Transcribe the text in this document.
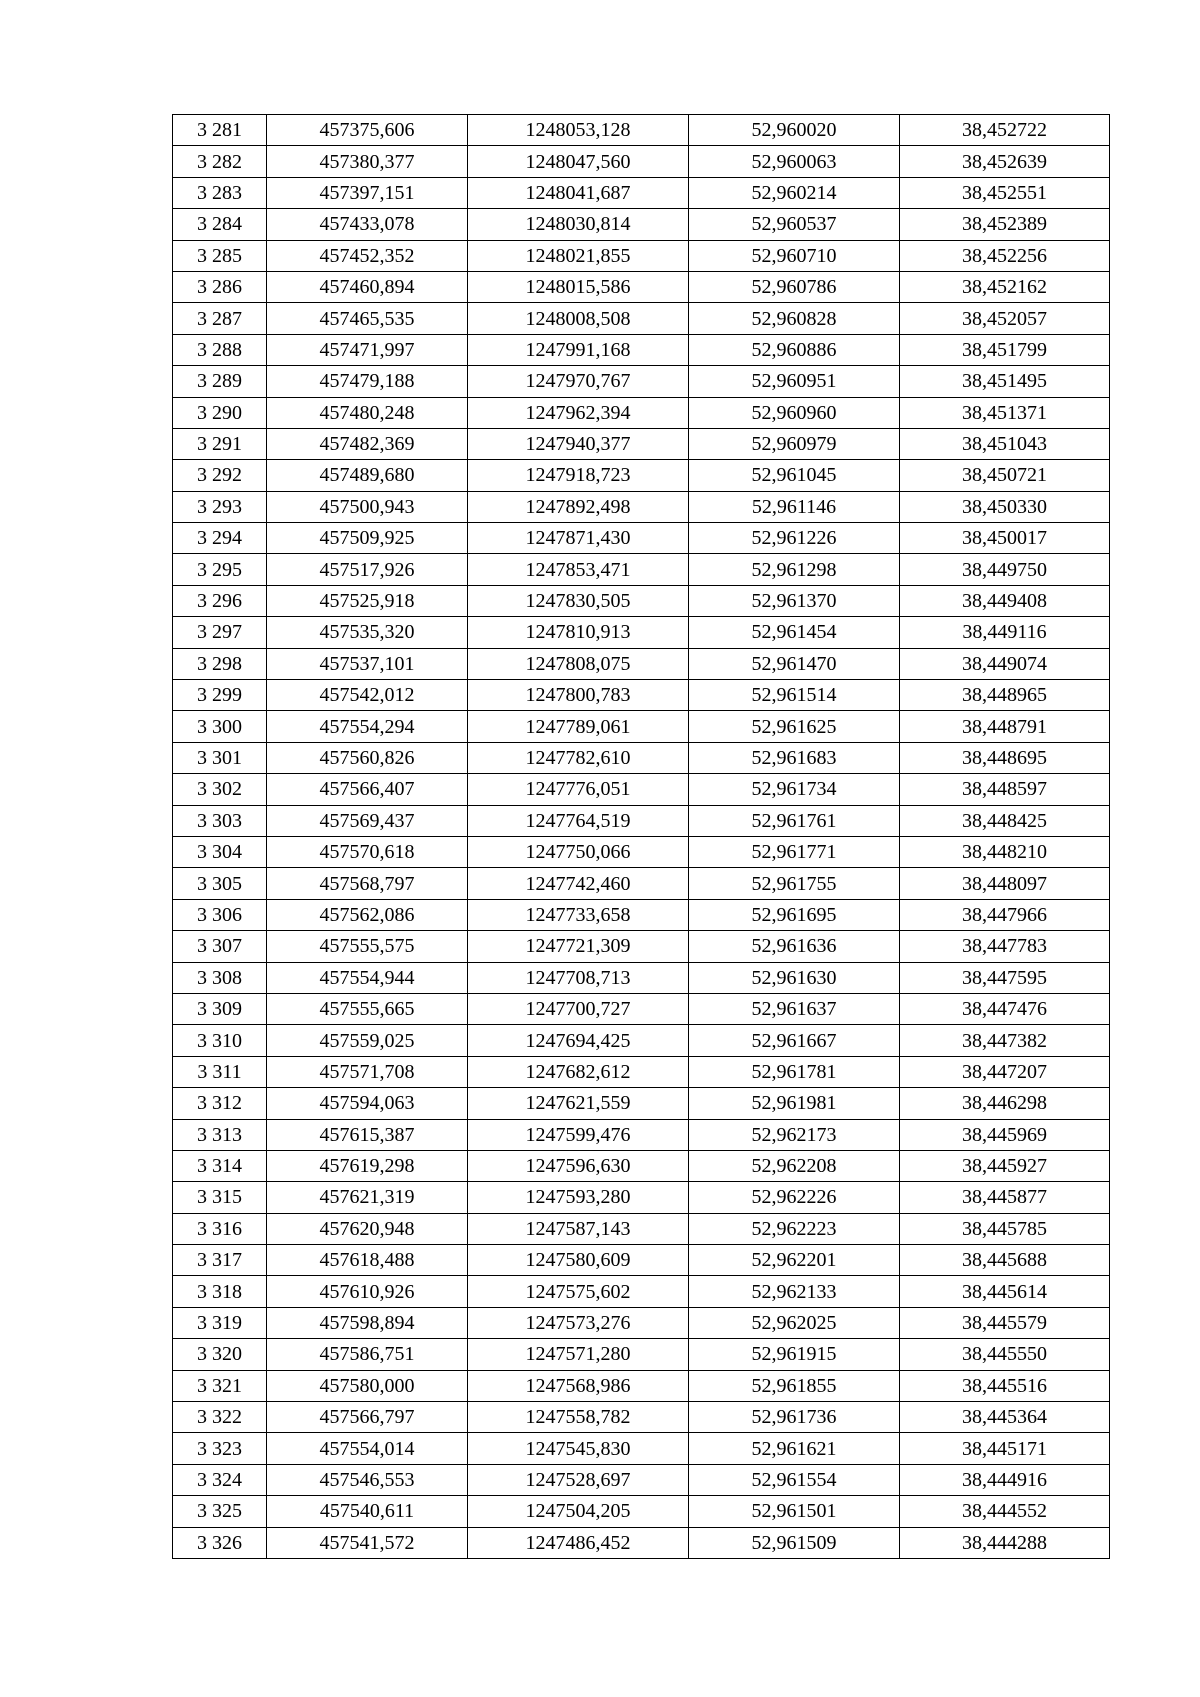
3 281	457375,606	1248053,128	52,960020	38,452722
3 282	457380,377	1248047,560	52,960063	38,452639
3 283	457397,151	1248041,687	52,960214	38,452551
3 284	457433,078	1248030,814	52,960537	38,452389
3 285	457452,352	1248021,855	52,960710	38,452256
3 286	457460,894	1248015,586	52,960786	38,452162
3 287	457465,535	1248008,508	52,960828	38,452057
3 288	457471,997	1247991,168	52,960886	38,451799
3 289	457479,188	1247970,767	52,960951	38,451495
3 290	457480,248	1247962,394	52,960960	38,451371
3 291	457482,369	1247940,377	52,960979	38,451043
3 292	457489,680	1247918,723	52,961045	38,450721
3 293	457500,943	1247892,498	52,961146	38,450330
3 294	457509,925	1247871,430	52,961226	38,450017
3 295	457517,926	1247853,471	52,961298	38,449750
3 296	457525,918	1247830,505	52,961370	38,449408
3 297	457535,320	1247810,913	52,961454	38,449116
3 298	457537,101	1247808,075	52,961470	38,449074
3 299	457542,012	1247800,783	52,961514	38,448965
3 300	457554,294	1247789,061	52,961625	38,448791
3 301	457560,826	1247782,610	52,961683	38,448695
3 302	457566,407	1247776,051	52,961734	38,448597
3 303	457569,437	1247764,519	52,961761	38,448425
3 304	457570,618	1247750,066	52,961771	38,448210
3 305	457568,797	1247742,460	52,961755	38,448097
3 306	457562,086	1247733,658	52,961695	38,447966
3 307	457555,575	1247721,309	52,961636	38,447783
3 308	457554,944	1247708,713	52,961630	38,447595
3 309	457555,665	1247700,727	52,961637	38,447476
3 310	457559,025	1247694,425	52,961667	38,447382
3 311	457571,708	1247682,612	52,961781	38,447207
3 312	457594,063	1247621,559	52,961981	38,446298
3 313	457615,387	1247599,476	52,962173	38,445969
3 314	457619,298	1247596,630	52,962208	38,445927
3 315	457621,319	1247593,280	52,962226	38,445877
3 316	457620,948	1247587,143	52,962223	38,445785
3 317	457618,488	1247580,609	52,962201	38,445688
3 318	457610,926	1247575,602	52,962133	38,445614
3 319	457598,894	1247573,276	52,962025	38,445579
3 320	457586,751	1247571,280	52,961915	38,445550
3 321	457580,000	1247568,986	52,961855	38,445516
3 322	457566,797	1247558,782	52,961736	38,445364
3 323	457554,014	1247545,830	52,961621	38,445171
3 324	457546,553	1247528,697	52,961554	38,444916
3 325	457540,611	1247504,205	52,961501	38,444552
3 326	457541,572	1247486,452	52,961509	38,444288
